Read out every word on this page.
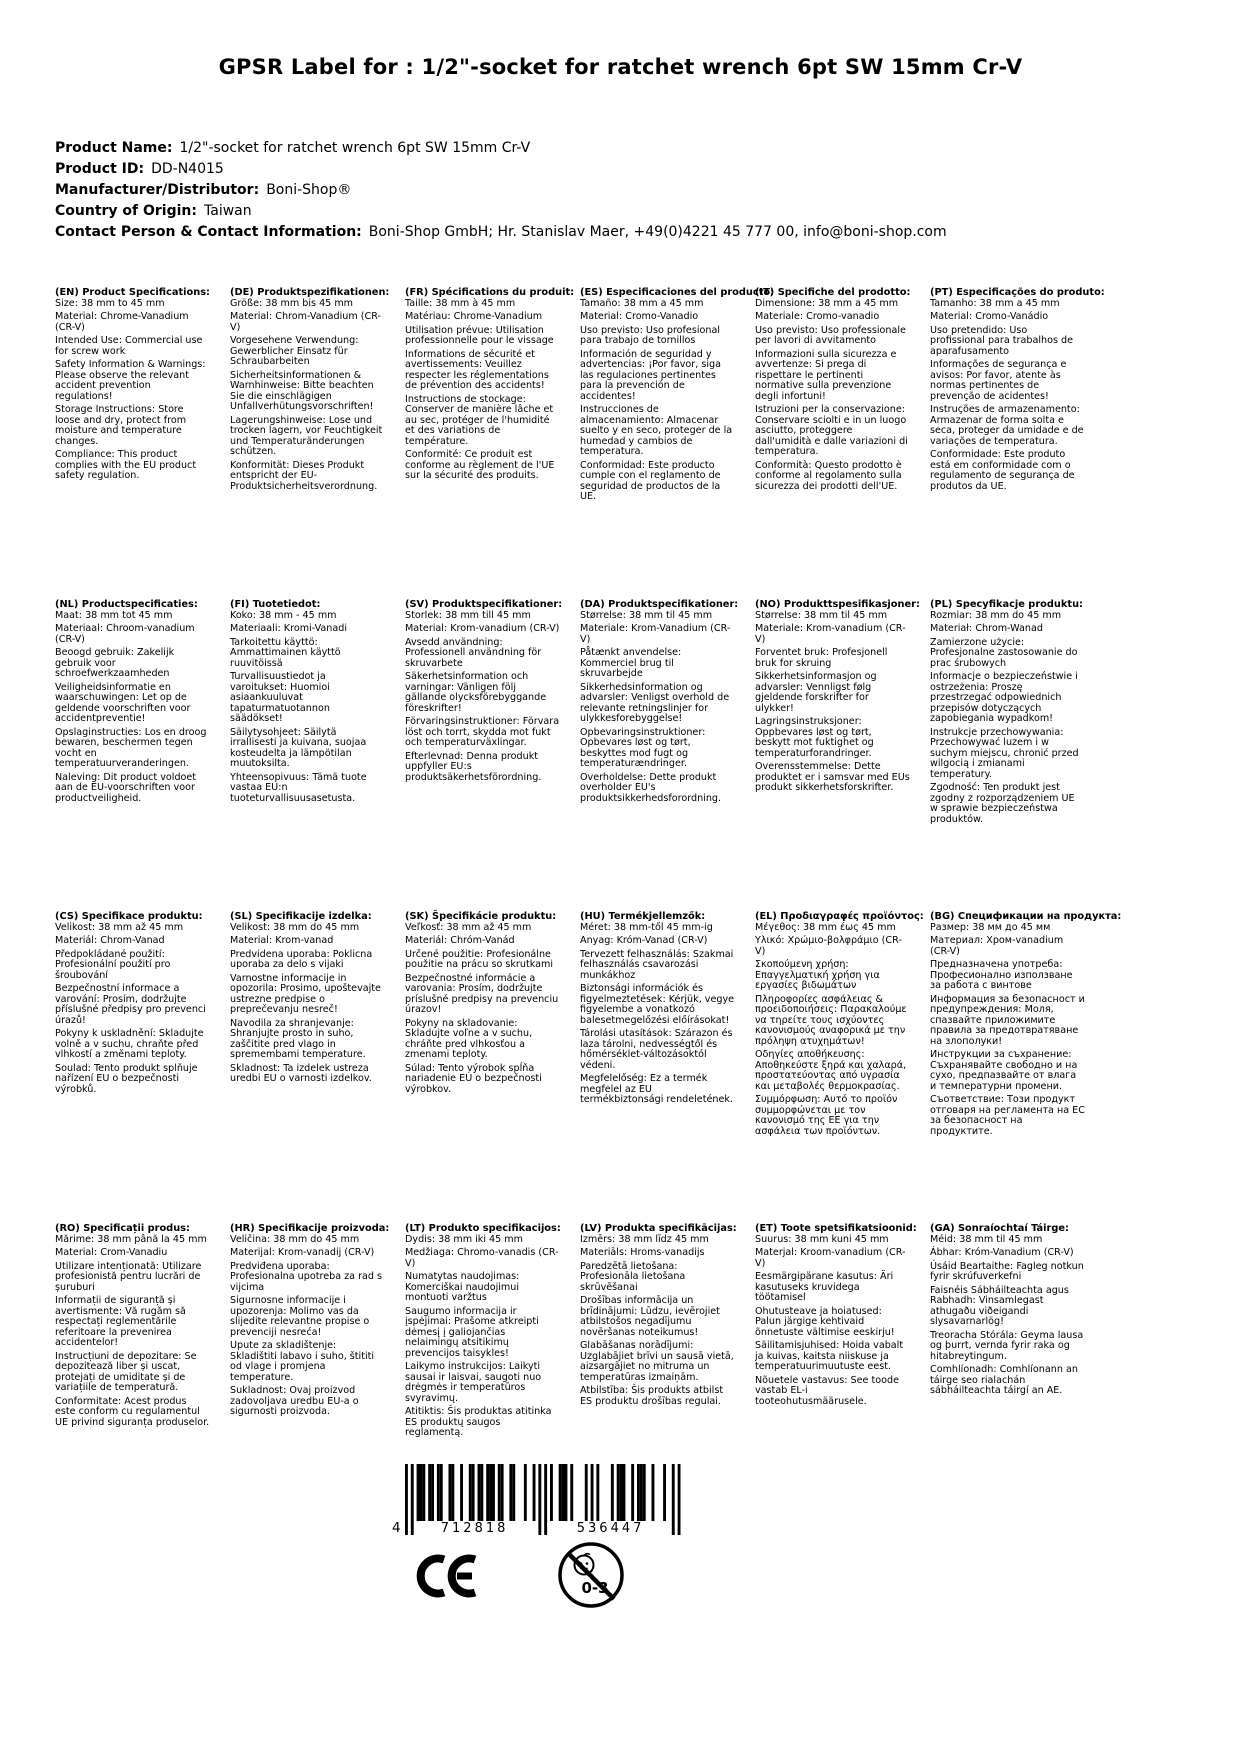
GPSR Label for : 1/2"-socket for ratchet wrench 6pt SW 15mm Cr-V
Product Name: 1/2"-socket for ratchet wrench 6pt SW 15mm Cr-V
Product ID: DD-N4015
Manufacturer/Distributor: Boni-Shop®
Country of Origin: Taiwan
Contact Person & Contact Information: Boni-Shop GmbH; Hr. Stanislav Maer, +49(0)4221 45 777 00, info@boni-shop.com
(EN) Product Specifications:

Size: 38 mm to 45 mm

Material: Chrome-Vanadium (CR-V)

Intended Use: Commercial use for screw work

Safety Information & Warnings: Please observe the relevant accident prevention regulations!

Storage Instructions: Store loose and dry, protect from moisture and temperature changes.

Compliance: This product complies with the EU product safety regulation.

(DE) Produktspezifikationen:

Größe: 38 mm bis 45 mm

Material: Chrom-Vanadium (CR-V)

Vorgesehene Verwendung: Gewerblicher Einsatz für Schraubarbeiten

Sicherheitsinformationen & Warnhinweise: Bitte beachten Sie die einschlägigen Unfallverhütungsvorschriften!

Lagerungshinweise: Lose und trocken lagern, vor Feuchtigkeit und Temperaturänderungen schützen.

Konformität: Dieses Produkt entspricht der EU-Produktsicherheitsverordnung.

(FR) Spécifications du produit:

Taille: 38 mm à 45 mm

Matériau: Chrome-Vanadium

Utilisation prévue: Utilisation professionnelle pour le vissage

Informations de sécurité et avertissements: Veuillez respecter les réglementations de prévention des accidents!

Instructions de stockage: Conserver de manière lâche et au sec, protéger de l'humidité et des variations de température.

Conformité: Ce produit est conforme au règlement de l'UE sur la sécurité des produits.

(ES) Especificaciones del producto:

Tamaño: 38 mm a 45 mm

Material: Cromo-Vanadio

Uso previsto: Uso profesional para trabajo de tornillos

Información de seguridad y advertencias: ¡Por favor, siga las regulaciones pertinentes para la prevención de accidentes!

Instrucciones de almacenamiento: Almacenar suelto y en seco, proteger de la humedad y cambios de temperatura.

Conformidad: Este producto cumple con el reglamento de seguridad de productos de la UE.

(IT) Specifiche del prodotto:

Dimensione: 38 mm a 45 mm

Materiale: Cromo-vanadio

Uso previsto: Uso professionale per lavori di avvitamento

Informazioni sulla sicurezza e avvertenze: Si prega di rispettare le pertinenti normative sulla prevenzione degli infortuni!

Istruzioni per la conservazione: Conservare sciolti e in un luogo asciutto, proteggere dall'umidità e dalle variazioni di temperatura.

Conformità: Questo prodotto è conforme al regolamento sulla sicurezza dei prodotti dell'UE.

(PT) Especificações do produto:

Tamanho: 38 mm a 45 mm

Material: Cromo-Vanádio

Uso pretendido: Uso profissional para trabalhos de aparafusamento

Informações de segurança e avisos: Por favor, atente às normas pertinentes de prevenção de acidentes!

Instruções de armazenamento: Armazenar de forma solta e seca, proteger da umidade e de variações de temperatura.

Conformidade: Este produto está em conformidade com o regulamento de segurança de produtos da UE.

(NL) Productspecificaties:

Maat: 38 mm tot 45 mm

Materiaal: Chroom-vanadium (CR-V)

Beoogd gebruik: Zakelijk gebruik voor schroefwerkzaamheden

Veiligheidsinformatie en waarschuwingen: Let op de geldende voorschriften voor accidentpreventie!

Opslaginstructies: Los en droog bewaren, beschermen tegen vocht en temperatuurveranderingen.

Naleving: Dit product voldoet aan de EU-voorschriften voor productveiligheid.

(FI) Tuotetiedot:

Koko: 38 mm - 45 mm

Materiaali: Kromi-Vanadi

Tarkoitettu käyttö: Ammattimainen käyttö ruuvitöissä

Turvallisuustiedot ja varoitukset: Huomioi asiaankuuluvat tapaturmatuotannon säädökset!

Säilytysohjeet: Säilytä irrallisesti ja kuivana, suojaa kosteudelta ja lämpötilan muutoksilta.

Yhteensopivuus: Tämä tuote vastaa EU:n tuoteturvallisuusasetusta.

(SV) Produktspecifikationer:

Storlek: 38 mm till 45 mm

Material: Krom-vanadium (CR-V)

Avsedd användning: Professionell användning för skruvarbete

Säkerhetsinformation och varningar: Vänligen följ gällande olycksförebyggande föreskrifter!

Förvaringsinstruktioner: Förvara löst och torrt, skydda mot fukt och temperaturväxlingar.

Efterlevnad: Denna produkt uppfyller EU:s produktsäkerhetsförordning.

(DA) Produktspecifikationer:

Størrelse: 38 mm til 45 mm

Materiale: Krom-Vanadium (CR-V)

Påtænkt anvendelse: Kommerciel brug til skruvarbejde

Sikkerhedsinformation og advarsler: Venligst overhold de relevante retningslinjer for ulykkesforebyggelse!

Opbevaringsinstruktioner: Opbevares løst og tørt, beskyttes mod fugt og temperaturændringer.

Overholdelse: Dette produkt overholder EU's produktsikkerhedsforordning.

(NO) Produkttspesifikasjoner:

Størrelse: 38 mm til 45 mm

Materiale: Krom-vanadium (CR-V)

Forventet bruk: Profesjonell bruk for skruing

Sikkerhetsinformasjon og advarsler: Vennligst følg gjeldende forskrifter for ulykker!

Lagringsinstruksjoner: Oppbevares løst og tørt, beskytt mot fuktighet og temperaturforandringer.

Overensstemmelse: Dette produktet er i samsvar med EUs produkt sikkerhetsforskrifter.

(PL) Specyfikacje produktu:

Rozmiar: 38 mm do 45 mm

Materiał: Chrom-Wanad

Zamierzone użycie: Profesjonalne zastosowanie do prac śrubowych

Informacje o bezpieczeństwie i ostrzeżenia: Proszę przestrzegać odpowiednich przepisów dotyczących zapobiegania wypadkom!

Instrukcje przechowywania: Przechowywać luzem i w suchym miejscu, chronić przed wilgocią i zmianami temperatury.

Zgodność: Ten produkt jest zgodny z rozporządzeniem UE w sprawie bezpieczeństwa produktów.

(CS) Specifikace produktu:

Velikost: 38 mm až 45 mm

Materiál: Chrom-Vanad

Předpokládané použití: Profesionální použití pro šroubování

Bezpečnostní informace a varování: Prosím, dodržujte příslušné předpisy pro prevenci úrazů!

Pokyny k uskladnění: Skladujte volně a v suchu, chraňte před vlhkostí a změnami teploty.

Soulad: Tento produkt splňuje nařízení EU o bezpečnosti výrobků.

(SL) Specifikacije izdelka:

Velikost: 38 mm do 45 mm

Material: Krom-vanad

Predvidena uporaba: Poklicna uporaba za delo s vijaki

Varnostne informacije in opozorila: Prosimo, upoštevajte ustrezne predpise o preprečevanju nesreč!

Navodila za shranjevanje: Shranjujte prosto in suho, zaščitite pred vlago in spremembami temperature.

Skladnost: Ta izdelek ustreza uredbi EU o varnosti izdelkov.

(SK) Špecifikácie produktu:

Veľkosť: 38 mm až 45 mm

Materiál: Chróm-Vanád

Určené použitie: Profesionálne použitie na prácu so skrutkami

Bezpečnostné informácie a varovania: Prosím, dodržujte príslušné predpisy na prevenciu úrazov!

Pokyny na skladovanie: Skladujte voľne a v suchu, chráňte pred vlhkosťou a zmenami teploty.

Súlad: Tento výrobok spĺňa nariadenie EÚ o bezpečnosti výrobkov.

(HU) Termékjellemzők:

Méret: 38 mm-től 45 mm-ig

Anyag: Króm-Vanad (CR-V)

Tervezett felhasználás: Szakmai felhasználás csavarozási munkákhoz

Biztonsági információk és figyelmeztetések: Kérjük, vegye figyelembe a vonatkozó balesetmegelőzési előírásokat!

Tárolási utasítások: Szárazon és laza tárolni, nedvességtől és hőmérséklet-változásoktól védeni.

Megfelelőség: Ez a termék megfelel az EU termékbiztonsági rendeletének.

(EL) Προδιαγραφές προϊόντος:

Μέγεθος: 38 mm έως 45 mm

Υλικό: Χρώμιο-βολφράμιο (CR-V)

Σκοπούμενη χρήση: Επαγγελματική χρήση για εργασίες βιδωμάτων

Πληροφορίες ασφάλειας & προειδοποιήσεις: Παρακαλούμε να τηρείτε τους ισχύοντες κανονισμούς αναφορικά με την πρόληψη ατυχημάτων!

Οδηγίες αποθήκευσης: Αποθηκεύστε ξηρά και χαλαρά, προστατεύοντας από υγρασία και μεταβολές θερμοκρασίας.

Συμμόρφωση: Αυτό το προϊόν συμμορφώνεται με τον κανονισμό της ΕΕ για την ασφάλεια των προϊόντων.

(BG) Спецификации на продукта:

Размер: 38 мм до 45 мм

Материал: Хром-vanadium (CR-V)

Предназначена употреба: Професионално използване за работа с винтове

Информация за безопасност и предупреждения: Моля, спазвайте приложимите правила за предотвратяване на злополуки!

Инструкции за съхранение: Съхранявайте свободно и на сухо, предпазвайте от влага и температурни промени.

Съответствие: Този продукт отговаря на регламента на ЕС за безопасност на продуктите.

(RO) Specificații produs:

Mărime: 38 mm până la 45 mm

Material: Crom-Vanadiu

Utilizare intenționată: Utilizare profesionistă pentru lucrări de șuruburi

Informații de siguranță și avertismente: Vă rugăm să respectați reglementările referitoare la prevenirea accidentelor!

Instrucțiuni de depozitare: Se depozitează liber și uscat, protejați de umiditate și de variațiile de temperatură.

Conformitate: Acest produs este conform cu regulamentul UE privind siguranța produselor.

(HR) Specifikacije proizvoda:

Veličina: 38 mm do 45 mm

Materijal: Krom-vanadij (CR-V)

Predviđena uporaba: Profesionalna upotreba za rad s vijcima

Sigurnosne informacije i upozorenja: Molimo vas da slijedite relevantne propise o prevenciji nesreća!

Upute za skladištenje: Skladištiti labavo i suho, štititi od vlage i promjena temperature.

Sukladnost: Ovaj proizvod zadovoljava uredbu EU-a o sigurnosti proizvoda.

(LT) Produkto specifikacijos:

Dydis: 38 mm iki 45 mm

Medžiaga: Chromo-vanadis (CR-V)

Numatytas naudojimas: Komerciškai naudojimui montuoti varžtus

Saugumo informacija ir įspėjimai: Prašome atkreipti dėmesį į galiojančias nelaimingų atsitikimų prevencijos taisykles!

Laikymo instrukcijos: Laikyti sausai ir laisvai, saugoti nuo drėgmės ir temperatūros svyravimų.

Atitiktis: Šis produktas atitinka ES produktų saugos reglamentą.

(LV) Produkta specifikācijas:

Izmērs: 38 mm līdz 45 mm

Materiāls: Hroms-vanadijs

Paredzētā lietošana: Profesionāla lietošana skrūvēšanai

Drošības informācija un brīdinājumi: Lūdzu, ievērojiet atbilstošos negadījumu novēršanas noteikumus!

Glabāšanas norādījumi: Uzglabājiet brīvi un sausā vietā, aizsargājiet no mitruma un temperatūras izmaiņām.

Atbilstība: Šis produkts atbilst ES produktu drošības regulai.

(ET) Toote spetsifikatsioonid:

Suurus: 38 mm kuni 45 mm

Materjal: Kroom-vanadium (CR-V)

Eesmärgipärane kasutus: Äri kasutuseks kruvidega töötamisel

Ohutusteave ja hoiatused: Palun järgige kehtivaid õnnetuste vältimise eeskirju!

Säilitamisjuhised: Hoida vabalt ja kuivas, kaitsta niiskuse ja temperatuurimuutuste eest.

Nõuetele vastavus: See toode vastab EL-i tooteohutusmäärusele.

(GA) Sonraíochtaí Táirge:

Méid: 38 mm til 45 mm

Ábhar: Króm-Vanadium (CR-V)

Úsáid Beartaithe: Fagleg notkun fyrir skrúfuverkefni

Faisnéis Sábháilteachta agus Rabhadh: Vinsamlegast athugaðu viðeigandi slysavarnarlög!

Treoracha Stórála: Geyma lausa og þurrt, vernda fyrir raka og hitabreytingum.

Comhlíonadh: Comhlíonann an táirge seo rialachán sábháilteachta táirgí an AE.

4	712818	536447
0-3
